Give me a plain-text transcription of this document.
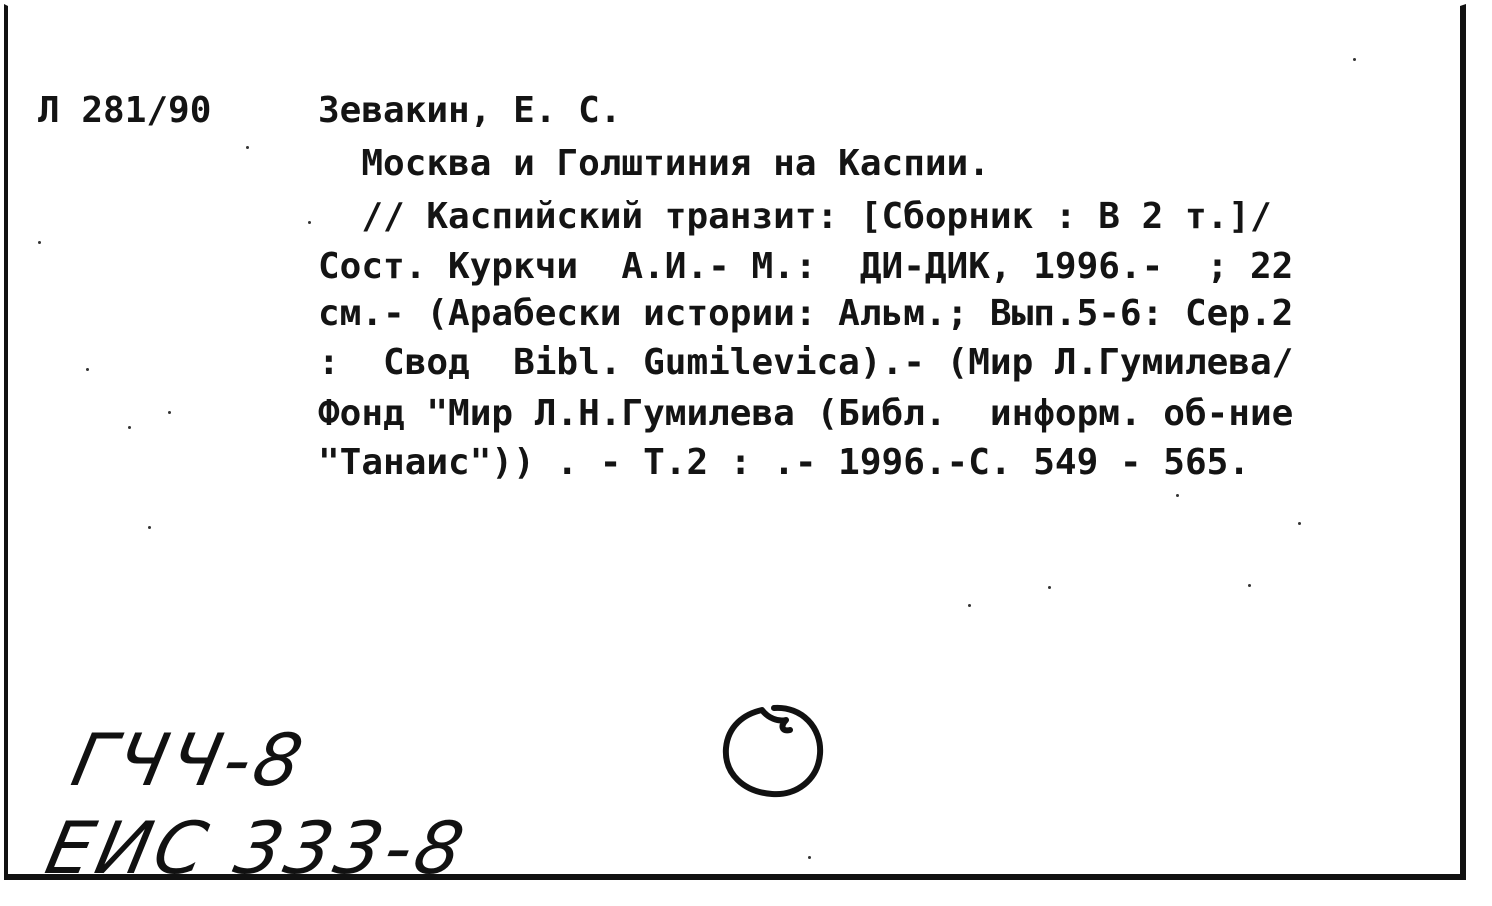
Л 281/90	Зевакин, Е. С.
Москва и Голштиния на Каспии.
// Каспийский транзит: [Сборник : В 2 т.]/
Сост. Куркчи  А.И.- М.:  ДИ-ДИК, 1996.-  ; 22
см.- (Арабески истории: Альм.; Вып.5-6: Сер.2
:  Свод  Bibl. Gumilevica).- (Мир Л.Гумилева/
Фонд "Мир Л.Н.Гумилева (Библ.  информ. об-ние
"Танаис")) . - Т.2 : .- 1996.-С. 549 - 565.
ГЧЧ-8
ЕИС 333-8
